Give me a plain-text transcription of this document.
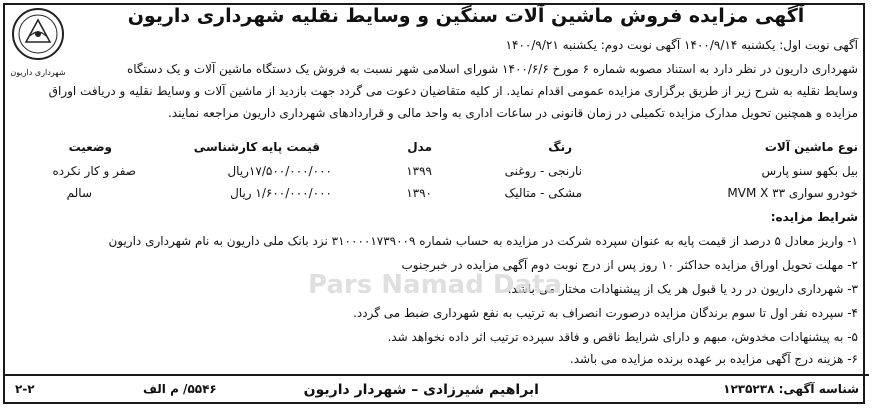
شهرداری داریون
آگهی مزایده فروش ماشین آلات سنگین و وسایط نقلیه شهرداری داریون
آگهی نوبت اول: یکشنبه ۱۴۰۰/۹/۱۴ آگهی نوبت دوم: یکشنبه ۱۴۰۰/۹/۲۱
شهرداری داریون در نظر دارد به استناد مصوبه شماره ۶ مورخ ۱۴۰۰/۶/۶ شورای اسلامی شهر نسبت به فروش یک دستگاه ماشین آلات و یک دستگاه
وسایط نقلیه به شرح زیر از طریق برگزاری مزایده عمومی اقدام نماید. از کلیه متقاضیان دعوت می گردد جهت بازدید از ماشین آلات و وسایط نقلیه و دریافت اوراق
مزایده و همچنین تحویل مدارک مزایده تکمیلی در زمان قانونی در ساعات اداری به واحد مالی و قراردادهای شهرداری داریون مراجعه نمایند.
نوع ماشین آلات
رنگ
مدل
قیمت پایه کارشناسی
وضعیت
بیل بکهو سنو پارس
نارنجی - روغنی
۱۳۹۹
۱۷/۵۰۰/۰۰۰/۰۰۰ریال
صفر و کار نکرده
خودرو سواری MVM X ۳۳
مشکی - متالیک
۱۳۹۰
۱/۶۰۰/۰۰۰/۰۰۰ ریال
سالم
شرایط مزایده:
۱- واریز معادل ۵ درصد از قیمت پایه به عنوان سپرده شرکت در مزایده به حساب شماره ۳۱۰۰۰۰۱۷۳۹۰۰۹ نزد بانک ملی داریون به نام شهرداری داریون
۲- مهلت تحویل اوراق مزایده حداکثر ۱۰ روز پس از درج نوبت دوم آگهی مزایده در خبرجنوب
۳- شهرداری داریون در رد یا قبول هر یک از پیشنهادات مختار می باشد.
۴- سپرده نفر اول تا سوم برندگان مزایده درصورت انصراف به ترتیب به نفع شهرداری ضبط می گردد.
۵- به پیشنهادات مخدوش، مبهم و دارای شرایط ناقص و فاقد سپرده ترتیب اثر داده نخواهد شد.
۶- هزینه درج آگهی مزایده بر عهده برنده مزایده می باشد.
Pars Namad Data
شناسه آگهی: ۱۲۳۵۲۳۸
ابراهیم شیرزادی – شهردار داریون
۵۵۴۶/ م الف
۲-۲
